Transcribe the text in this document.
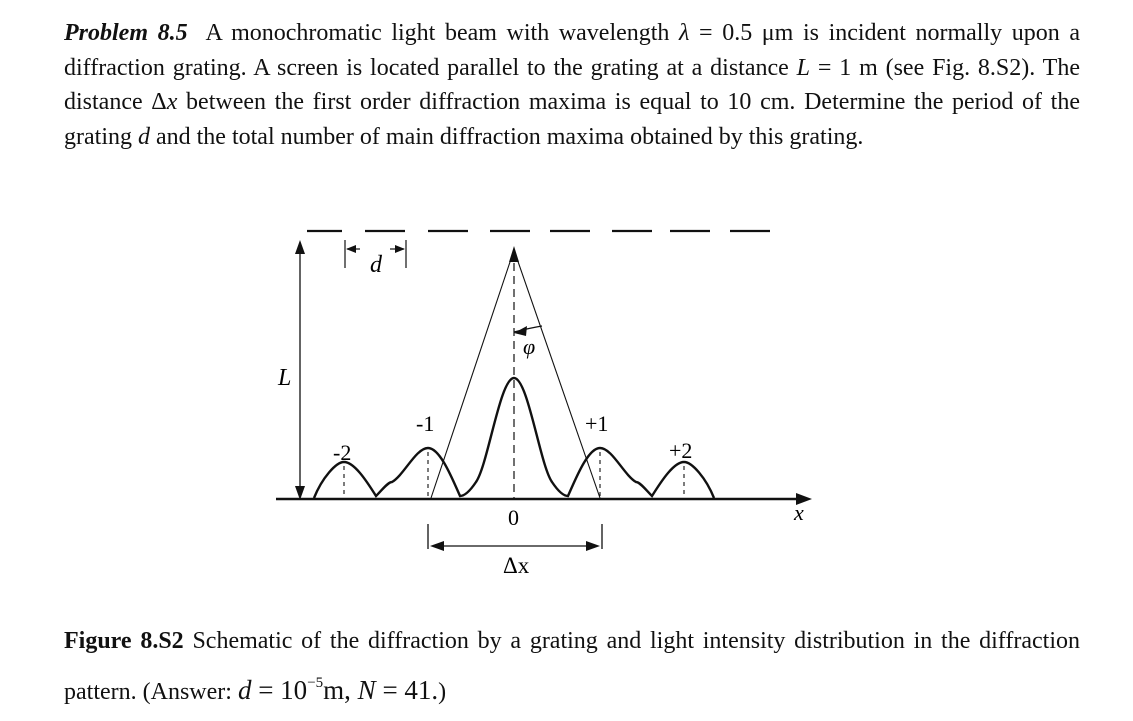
Problem 8.5 A monochromatic light beam with wavelength λ = 0.5 μm is incident normally upon a diffraction grating. A screen is located parallel to the grating at a distance L = 1 m (see Fig. 8.S2). The distance Δx between the first order diffraction maxima is equal to 10 cm. Determine the period of the grating d and the total number of main diffraction maxima obtained by this grating.
d
L
φ
-2
-1	+1
+2
x
0
Δx
Figure 8.S2 Schematic of the diffraction by a grating and light intensity distribution in the diffraction pattern. (Answer: $d = 10^{-5}m$, N = 41.)
